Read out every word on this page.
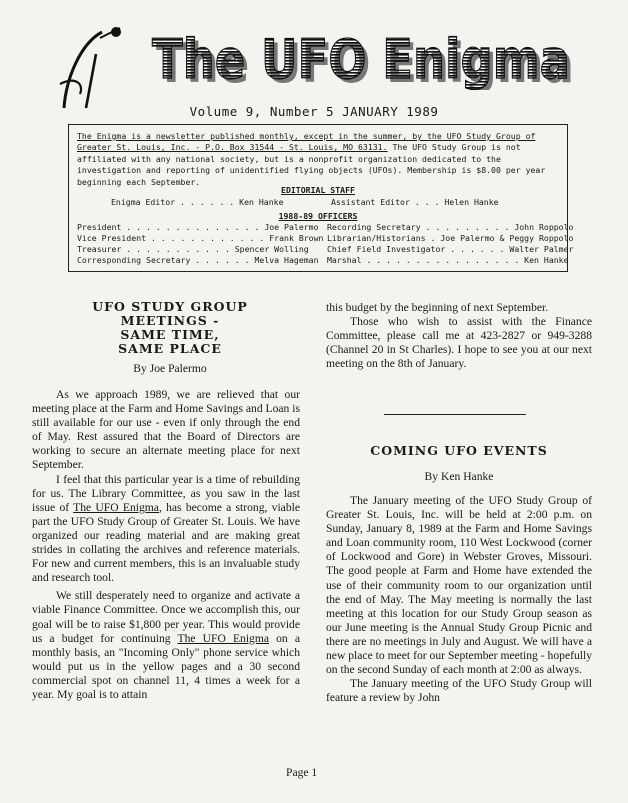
The UFO Enigma
The UFO Enigma
Volume 9, Number 5 JANUARY 1989
The Enigma is a newsletter published monthly, except in the summer, by the UFO Study Group of Greater St. Louis, Inc. - P.O. Box 31544 - St. Louis, MO 63131. The UFO Study Group is not affiliated with any national society, but is a nonprofit organization dedicated to the investigation and reporting of unidentified flying objects (UFOs). Membership is $8.00 per year beginning each September.
EDITORIAL STAFF
Enigma Editor . . . . . . Ken Hanke	Assistant Editor . . . Helen Hanke
1988-89 OFFICERS
President . . . . . . . . . . . . . . Joe Palermo
Vice President . . . . . . . . . . . . Frank Brown
Treasurer . . . . . . . . . . . Spencer Wolling
Corresponding Secretary . . . . . . Melva Hageman
Recording Secretary . . . . . . . . . John Roppolo
Librarian/Historians . Joe Palermo & Peggy Roppolo
Chief Field Investigator . . . . . . Walter Palmer
Marshal . . . . . . . . . . . . . . . . Ken Hanke
UFO STUDY GROUP
MEETINGS -
SAME TIME,
SAME PLACE
By Joe Palermo

As we approach 1989, we are relieved that our meeting place at the Farm and Home Savings and Loan is still available for our use - even if only through the end of May. Rest assured that the Board of Directors are working to secure an alternate meeting place for next September.

I feel that this particular year is a time of rebuilding for us. The Library Committee, as you saw in the last issue of The UFO Enigma, has become a strong, viable part the UFO Study Group of Greater St. Louis. We have organized our reading material and are making great strides in collating the archives and reference materials. For new and current members, this is an invaluable study and research tool.

We still desperately need to organize and activate a viable Finance Committee. Once we accomplish this, our goal will be to raise $1,800 per year. This would provide us a budget for continuing The UFO Enigma on a monthly basis, an "Incoming Only" phone service which would put us in the yellow pages and a 30 second commercial spot on channel 11, 4 times a week for a year. My goal is to attain

this budget by the beginning of next September.

Those who wish to assist with the Finance Committee, please call me at 423-2827 or 949-3288 (Channel 20 in St Charles). I hope to see you at our next meeting on the 8th of January.

COMING UFO EVENTS
By Ken Hanke

The January meeting of the UFO Study Group of Greater St. Louis, Inc. will be held at 2:00 p.m. on Sunday, January 8, 1989 at the Farm and Home Savings and Loan community room, 110 West Lockwood (corner of Lockwood and Gore) in Webster Groves, Missouri. The good people at Farm and Home have extended the use of their community room to our organization until the end of May. The May meeting is normally the last meeting at this location for our Study Group season as our June meeting is the Annual Study Group Picnic and there are no meetings in July and August. We will have a new place to meet for our September meeting - hopefully on the second Sunday of each month at 2:00 as always.

The January meeting of the UFO Study Group will feature a review by John

Page 1
